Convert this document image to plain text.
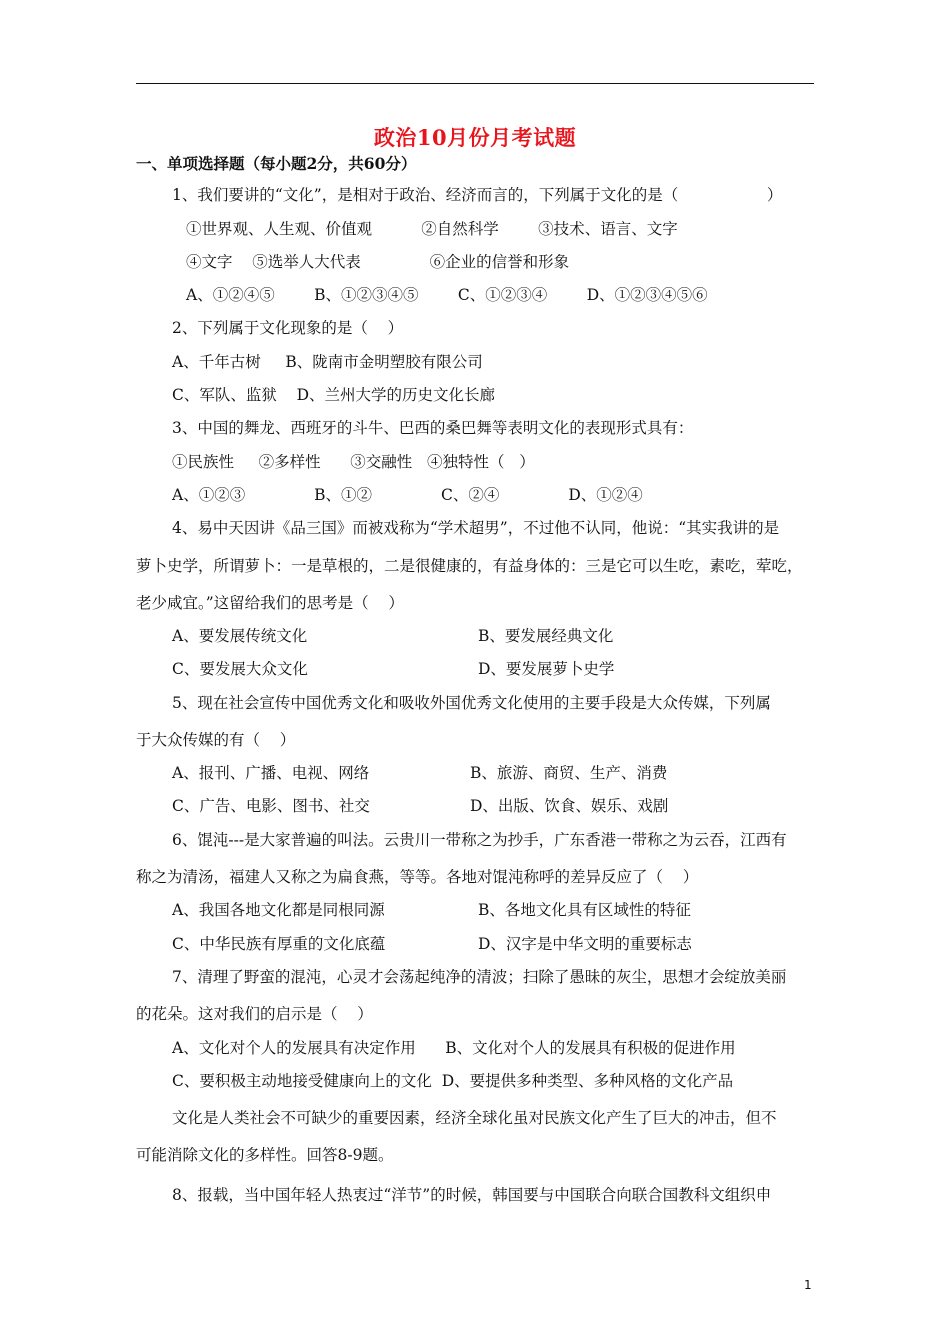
政治10月份月考试题
一、单项选择题（每小题2分，共60分）
1、我们要讲的“文化”，是相对于政治、经济而言的，下列属于文化的是（                  ）
①世界观、人生观、价值观          ②自然科学        ③技术、语言、文字
④文字    ⑤选举人大代表              ⑥企业的信誉和形象
A、①②④⑤        B、①②③④⑤        C、①②③④        D、①②③④⑤⑥
2、下列属于文化现象的是（    ）
A、千年古树     B、陇南市金明塑胶有限公司
C、军队、监狱    D、兰州大学的历史文化长廊
3、中国的舞龙、西班牙的斗牛、巴西的桑巴舞等表明文化的表现形式具有：
①民族性     ②多样性      ③交融性   ④独特性（   ）
A、①②③              B、①②              C、②④              D、①②④
4、易中天因讲《品三国》而被戏称为“学术超男”，不过他不认同，他说：“其实我讲的是
萝卜史学，所谓萝卜：一是草根的，二是很健康的，有益身体的：三是它可以生吃，素吃，荤吃，
老少咸宜。”这留给我们的思考是（    ）
A、要发展传统文化	B、要发展经典文化
C、要发展大众文化	D、要发展萝卜史学
5、现在社会宣传中国优秀文化和吸收外国优秀文化使用的主要手段是大众传媒，下列属
于大众传媒的有（    ）
A、报刊、广播、电视、网络	B、旅游、商贸、生产、消费
C、广告、电影、图书、社交	D、出版、饮食、娱乐、戏剧
6、馄沌---是大家普遍的叫法。云贵川一带称之为抄手，广东香港一带称之为云吞，江西有
称之为清汤，福建人又称之为扁食燕，等等。各地对馄沌称呼的差异反应了（    ）
A、我国各地文化都是同根同源	B、各地文化具有区域性的特征
C、中华民族有厚重的文化底蕴	D、汉字是中华文明的重要标志
7、清理了野蛮的混沌，心灵才会荡起纯净的清波；扫除了愚昧的灰尘，思想才会绽放美丽
的花朵。这对我们的启示是（    ）
A、文化对个人的发展具有决定作用      B、文化对个人的发展具有积极的促进作用
C、要积极主动地接受健康向上的文化  D、要提供多种类型、多种风格的文化产品
文化是人类社会不可缺少的重要因素，经济全球化虽对民族文化产生了巨大的冲击，但不
可能消除文化的多样性。回答8-9题。
8、报载，当中国年轻人热衷过“洋节”的时候，韩国要与中国联合向联合国教科文组织申
1
